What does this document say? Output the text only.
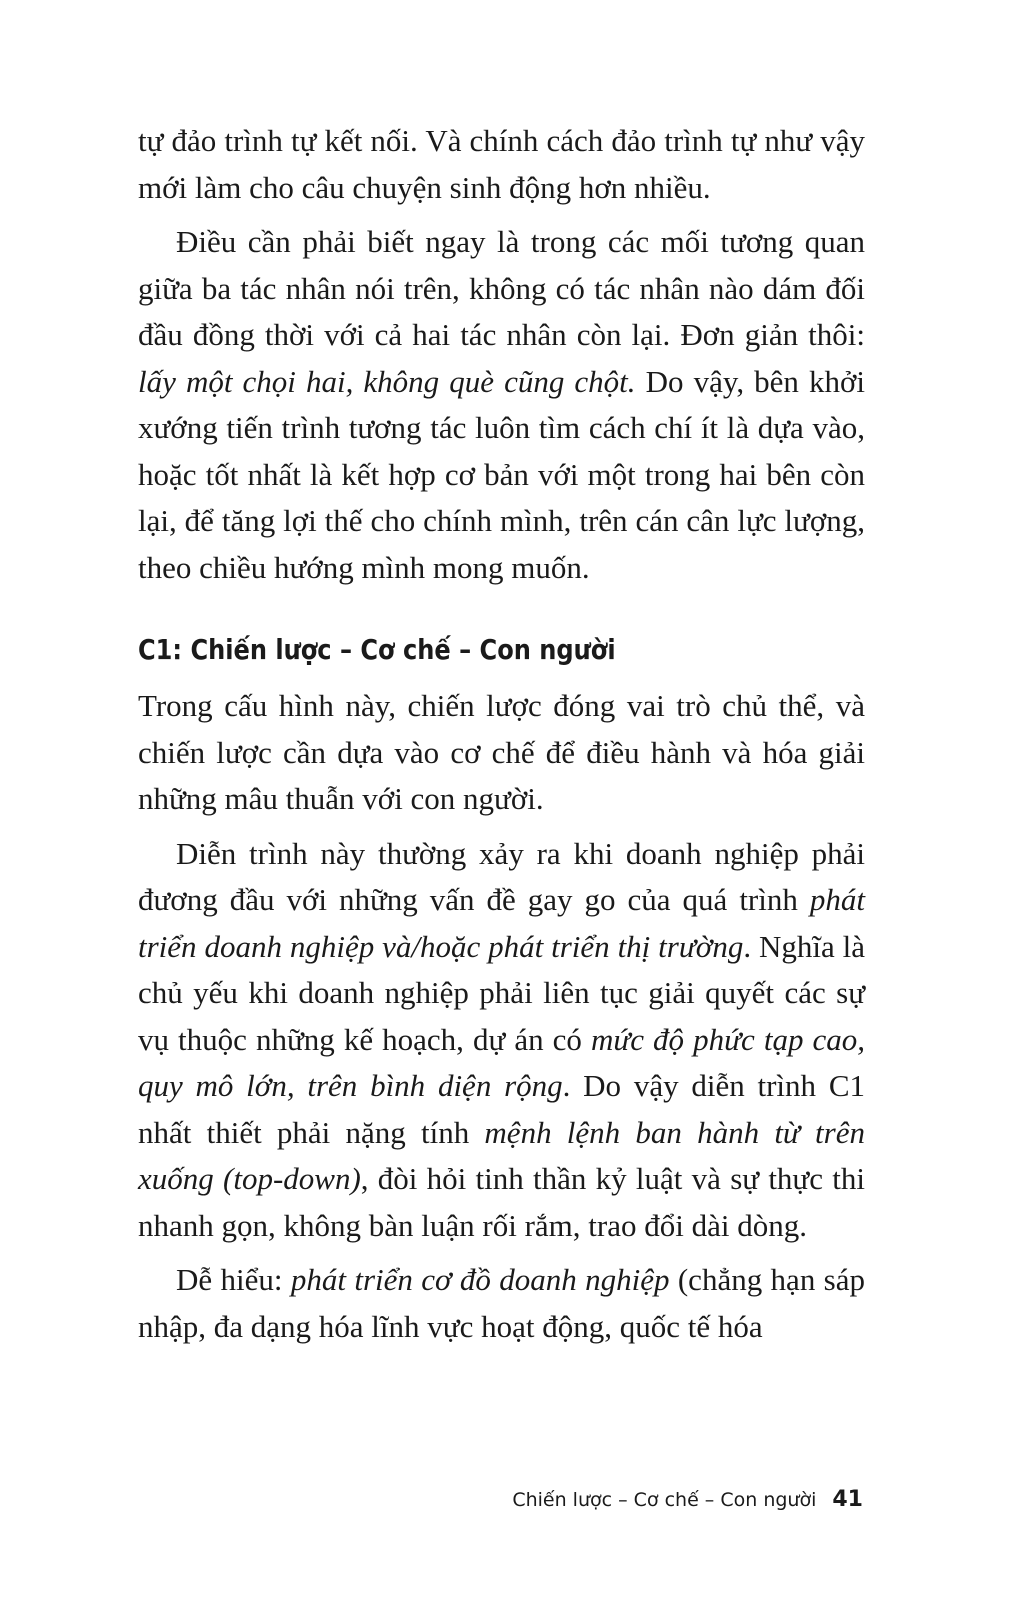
tự đảo trình tự kết nối. Và chính cách đảo trình tự như vậy mới làm cho câu chuyện sinh động hơn nhiều.

Điều cần phải biết ngay là trong các mối tương quan giữa ba tác nhân nói trên, không có tác nhân nào dám đối đầu đồng thời với cả hai tác nhân còn lại. Đơn giản thôi: lấy một chọi hai, không què cũng chột. Do vậy, bên khởi xướng tiến trình tương tác luôn tìm cách chí ít là dựa vào, hoặc tốt nhất là kết hợp cơ bản với một trong hai bên còn lại, để tăng lợi thế cho chính mình, trên cán cân lực lượng, theo chiều hướng mình mong muốn.

C1: Chiến lược – Cơ chế – Con người

Trong cấu hình này, chiến lược đóng vai trò chủ thể, và chiến lược cần dựa vào cơ chế để điều hành và hóa giải những mâu thuẫn với con người.

Diễn trình này thường xảy ra khi doanh nghiệp phải đương đầu với những vấn đề gay go của quá trình phát triển doanh nghiệp và/hoặc phát triển thị trường. Nghĩa là chủ yếu khi doanh nghiệp phải liên tục giải quyết các sự vụ thuộc những kế hoạch, dự án có mức độ phức tạp cao, quy mô lớn, trên bình diện rộng. Do vậy diễn trình C1 nhất thiết phải nặng tính mệnh lệnh ban hành từ trên xuống (top-down), đòi hỏi tinh thần kỷ luật và sự thực thi nhanh gọn, không bàn luận rối rắm, trao đổi dài dòng.

Dễ hiểu: phát triển cơ đồ doanh nghiệp (chẳng hạn sáp nhập, đa dạng hóa lĩnh vực hoạt động, quốc tế hóa

Chiến lược – Cơ chế – Con người 41
